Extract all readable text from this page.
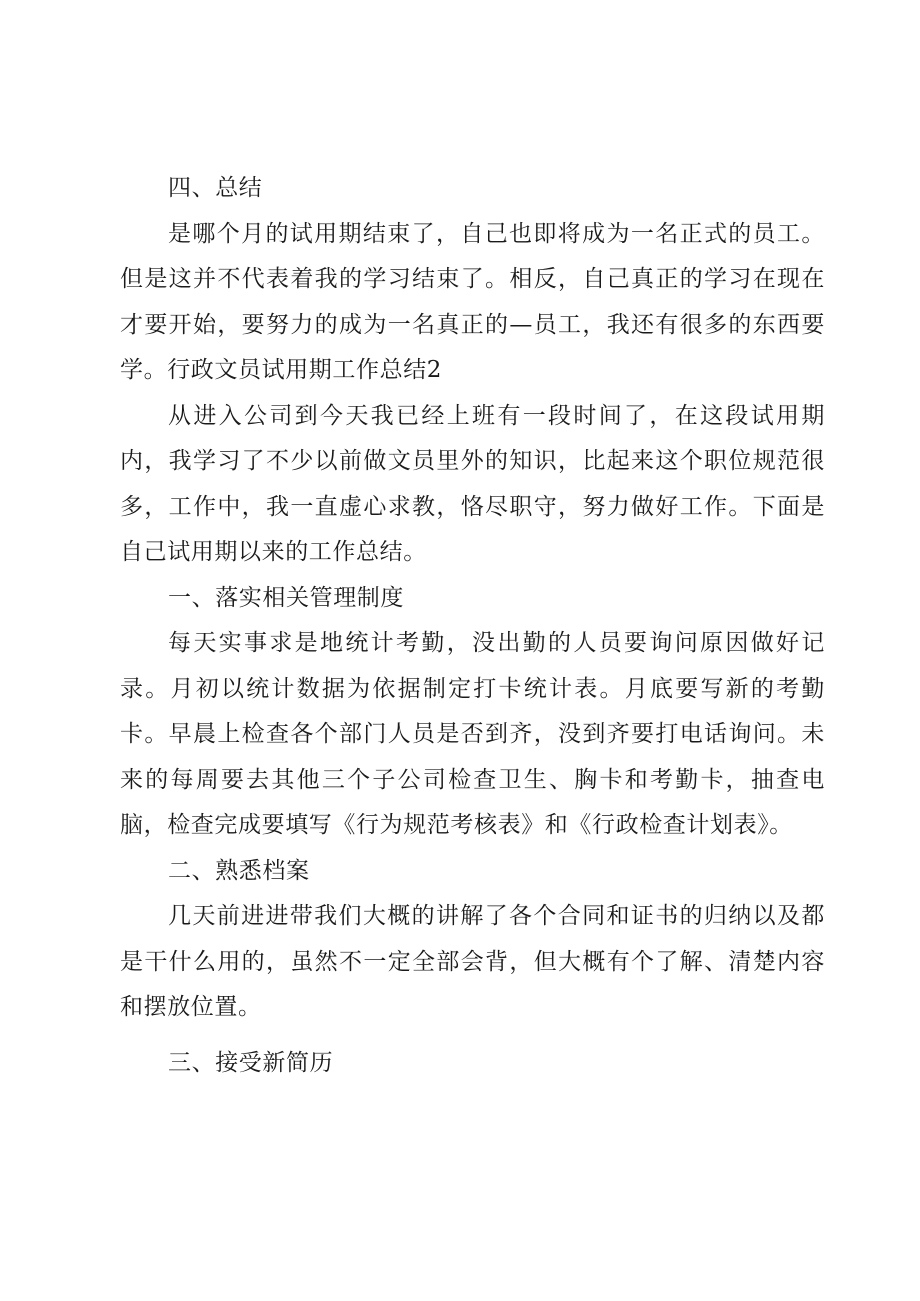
四、总结

是哪个月的试用期结束了，自己也即将成为一名正式的员工。但是这并不代表着我的学习结束了。相反，自己真正的学习在现在才要开始，要努力的成为一名真正的—员工，我还有很多的东西要学。行政文员试用期工作总结2

从进入公司到今天我已经上班有一段时间了，在这段试用期内，我学习了不少以前做文员里外的知识，比起来这个职位规范很多，工作中，我一直虚心求教，恪尽职守，努力做好工作。下面是自己试用期以来的工作总结。

一、落实相关管理制度

每天实事求是地统计考勤，没出勤的人员要询问原因做好记录。月初以统计数据为依据制定打卡统计表。月底要写新的考勤卡。早晨上检查各个部门人员是否到齐，没到齐要打电话询问。未来的每周要去其他三个子公司检查卫生、胸卡和考勤卡，抽查电脑，检查完成要填写《行为规范考核表》和《行政检查计划表》。

二、熟悉档案

几天前进进带我们大概的讲解了各个合同和证书的归纳以及都是干什么用的，虽然不一定全部会背，但大概有个了解、清楚内容和摆放位置。

三、接受新简历
